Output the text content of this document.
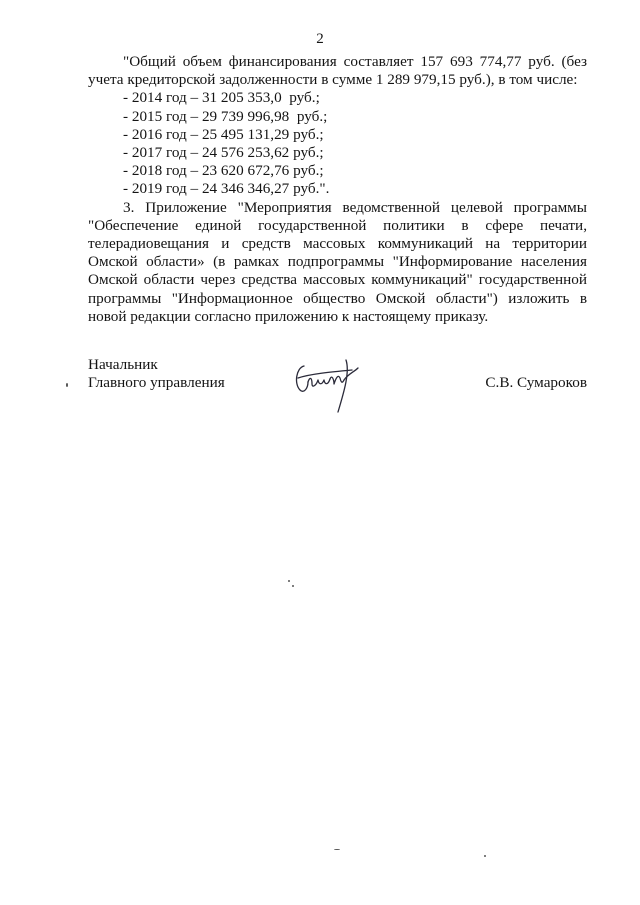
2
"Общий объем финансирования составляет 157 693 774,77 руб. (без
учета кредиторской задолженности в сумме 1 289 979,15 руб.), в том числе:
- 2014 год – 31 205 353,0  руб.;
- 2015 год – 29 739 996,98  руб.;
- 2016 год – 25 495 131,29 руб.;
- 2017 год – 24 576 253,62 руб.;
- 2018 год – 23 620 672,76 руб.;
- 2019 год – 24 346 346,27 руб.".
3. Приложение "Мероприятия ведомственной целевой программы
"Обеспечение единой государственной политики в сфере печати,
телерадиовещания и средств массовых коммуникаций на территории
Омской области» (в рамках подпрограммы "Информирование населения
Омской области через средства массовых коммуникаций" государственной
программы "Информационное общество Омской области") изложить в
новой редакции согласно приложению к настоящему приказу.
Начальник
Главного управления	С.В. Сумароков
